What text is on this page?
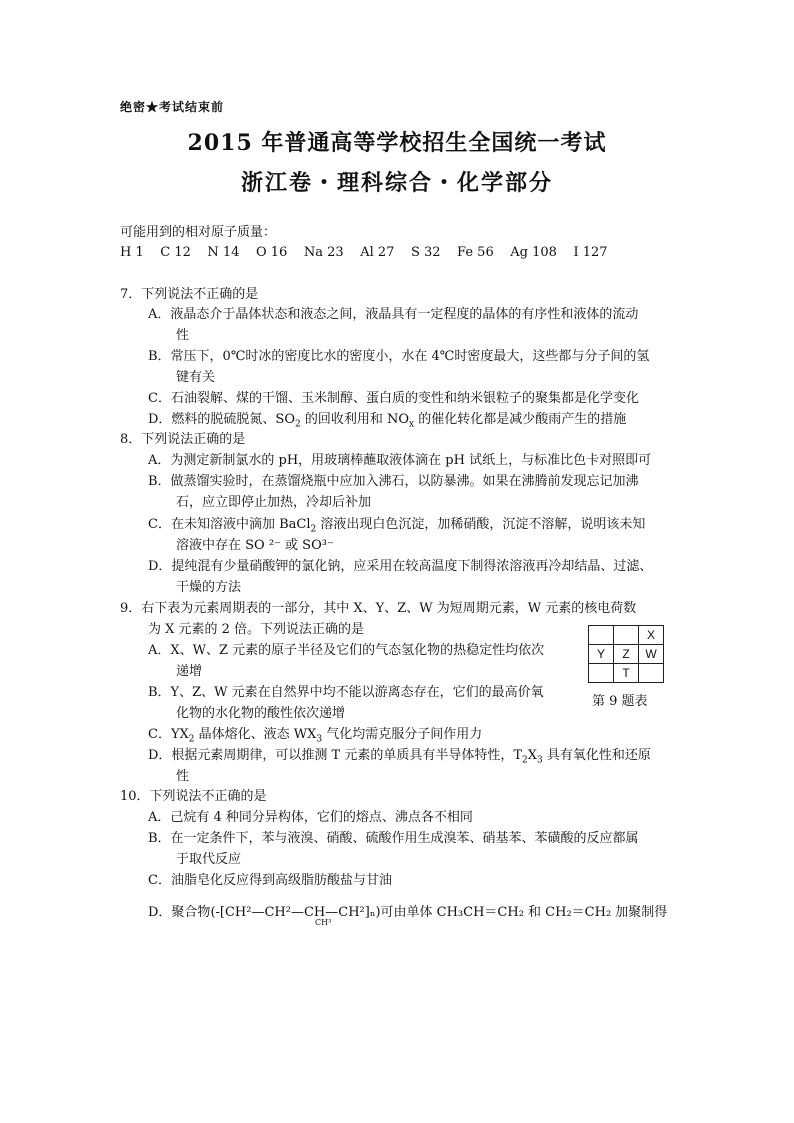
绝密★考试结束前
2015 年普通高等学校招生全国统一考试
浙江卷・理科综合・化学部分
可能用到的相对原子质量：
H 1    C 12    N 14    O 16    Na 23    Al 27    S 32    Fe 56    Ag 108    I 127
7．下列说法不正确的是
A．液晶态介于晶体状态和液态之间，液晶具有一定程度的晶体的有序性和液体的流动
性
B．常压下，0℃时冰的密度比水的密度小，水在 4℃时密度最大，这些都与分子间的氢
键有关
C．石油裂解、煤的干馏、玉米制醇、蛋白质的变性和纳米银粒子的聚集都是化学变化
D．燃料的脱硫脱氮、$SO_2$ 的回收利用和 $NO_x$ 的催化转化都是减少酸雨产生的措施
8．下列说法正确的是
A．为测定新制氯水的 pH，用玻璃棒蘸取液体滴在 pH 试纸上，与标准比色卡对照即可
B．做蒸馏实验时，在蒸馏烧瓶中应加入沸石，以防暴沸。如果在沸腾前发现忘记加沸
石，应立即停止加热，冷却后补加
C．在未知溶液中滴加 BaCl$_2$ 溶液出现白色沉淀，加稀硝酸，沉淀不溶解，说明该未知
溶液中存在 SO ²⁻ 或 SO³⁻
D．提纯混有少量硝酸钾的氯化钠，应采用在较高温度下制得浓溶液再冷却结晶、过滤、
干燥的方法
9．右下表为元素周期表的一部分，其中 X、Y、Z、W 为短周期元素，W 元素的核电荷数
为 X 元素的 2 倍。下列说法正确的是
A．X、W、Z 元素的原子半径及它们的气态氢化物的热稳定性均依次
递增
B．Y、Z、W 元素在自然界中均不能以游离态存在，它们的最高价氧
化物的水化物的酸性依次递增
C．$YX_2$ 晶体熔化、液态 $WX_3$ 气化均需克服分子间作用力
D．根据元素周期律，可以推测 T 元素的单质具有半导体特性，$T_2X_3$ 具有氧化性和还原
性
		X
Y	Z	W
	T	
第 9 题表
10．下列说法不正确的是
A．己烷有 4 种同分异构体，它们的熔点、沸点各不相同
B．在一定条件下，苯与液溴、硝酸、硫酸作用生成溴苯、硝基苯、苯磺酸的反应都属
于取代反应
C．油脂皂化反应得到高级脂肪酸盐与甘油
D．聚合物(-[CH²—CH²—CH—CH²]ₙ)可由单体 CH₃CH＝CH₂ 和 CH₂＝CH₂ 加聚制得
CH³
